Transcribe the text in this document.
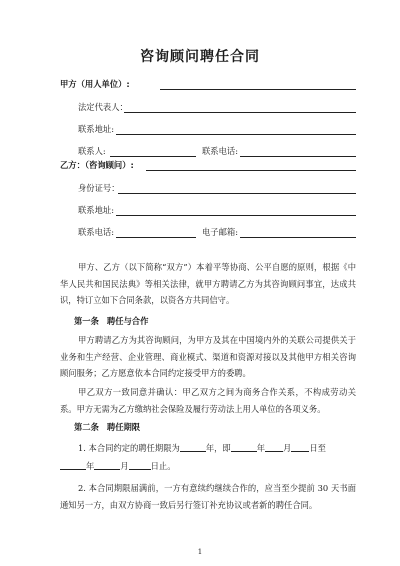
咨询顾问聘任合同
甲方（用人单位）:
法定代表人：
联系地址:
联系人:	联系电话:
乙方：（咨询顾问）:
身份证号：
联系地址:
联系电话:	电子邮箱:
甲方、乙方（以下简称“双方”）本着平等协商、公平自愿的原则，根据《中华人民共和国民法典》等相关法律，就甲方聘请乙方为其咨询顾问事宜，达成共识，特订立如下合同条款，以资各方共同信守。
第一条 聘任与合作
甲方聘请乙方为其咨询顾问，为甲方及其在中国境内外的关联公司提供关于业务和生产经营、企业管理、商业模式、渠道和资源对接以及其他甲方相关咨询顾问服务；乙方愿意依本合同约定接受甲方的委聘。
甲乙双方一致同意并确认：甲乙双方之间为商务合作关系，不构成劳动关系。甲方无需为乙方缴纳社会保险及履行劳动法上用人单位的各项义务。
第二条 聘任期限
1. 本合同约定的聘任期限为	年，即	年 月 日至
年	月	日止。
2. 本合同期限届满前，一方有意续约继续合作的，应当至少提前 30 天书面通知另一方，由双方协商一致后另行签订补充协议或者新的聘任合同。
1
